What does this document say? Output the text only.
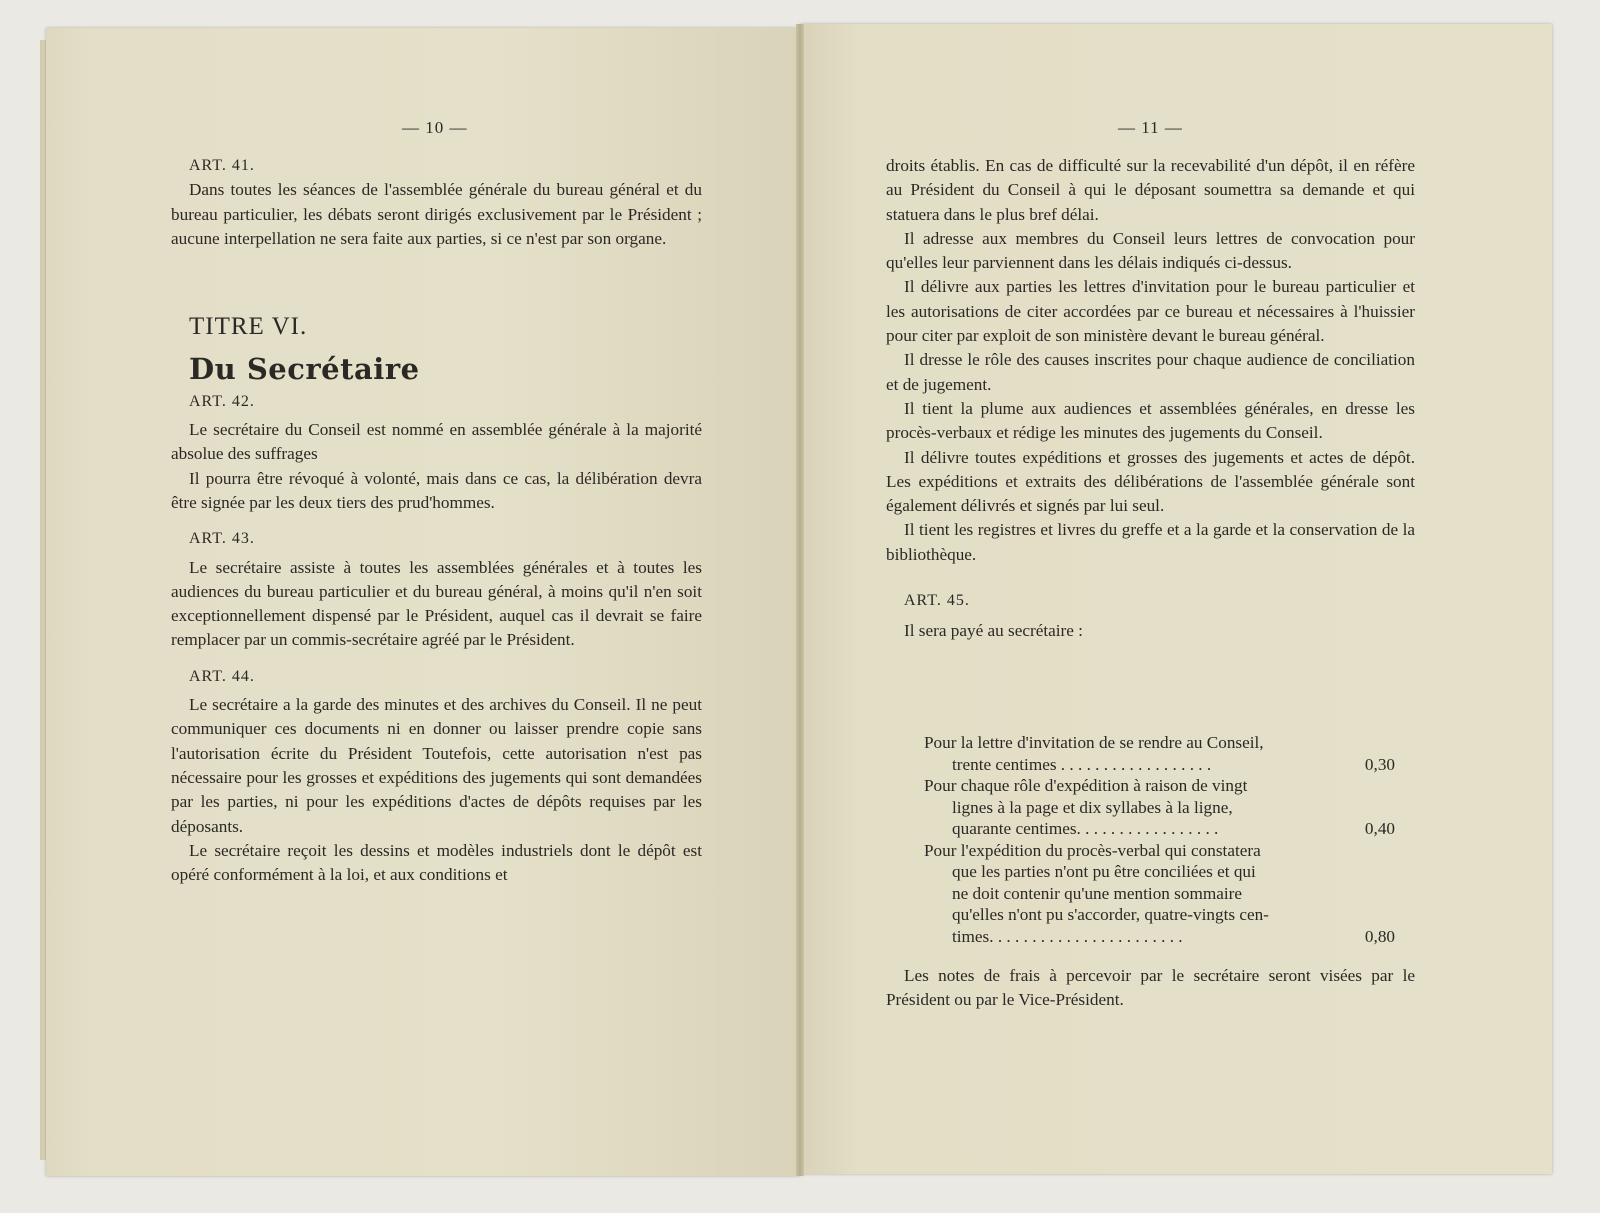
— 10 —

ART. 41.

Dans toutes les séances de l'assemblée générale du bureau général et du bureau particulier, les débats seront dirigés exclusivement par le Président ; aucune interpellation ne sera faite aux parties, si ce n'est par son organe.

TITRE VI.

Du Secrétaire

ART. 42.

Le secrétaire du Conseil est nommé en assemblée générale à la majorité absolue des suffrages

Il pourra être révoqué à volonté, mais dans ce cas, la délibération devra être signée par les deux tiers des prud'hommes.

ART. 43.

Le secrétaire assiste à toutes les assemblées générales et à toutes les audiences du bureau particulier et du bureau général, à moins qu'il n'en soit exceptionnellement dispensé par le Président, auquel cas il devrait se faire remplacer par un commis-secrétaire agréé par le Président.

ART. 44.

Le secrétaire a la garde des minutes et des archives du Conseil. Il ne peut communiquer ces documents ni en donner ou laisser prendre copie sans l'autorisation écrite du Président Toutefois, cette autorisation n'est pas nécessaire pour les grosses et expéditions des jugements qui sont demandées par les parties, ni pour les expéditions d'actes de dépôts requises par les déposants.

Le secrétaire reçoit les dessins et modèles industriels dont le dépôt est opéré conformément à la loi, et aux conditions et

— 11 —

droits établis. En cas de difficulté sur la recevabilité d'un dépôt, il en réfère au Président du Conseil à qui le déposant soumettra sa demande et qui statuera dans le plus bref délai.

Il adresse aux membres du Conseil leurs lettres de convocation pour qu'elles leur parviennent dans les délais indiqués ci-dessus.

Il délivre aux parties les lettres d'invitation pour le bureau particulier et les autorisations de citer accordées par ce bureau et nécessaires à l'huissier pour citer par exploit de son ministère devant le bureau général.

Il dresse le rôle des causes inscrites pour chaque audience de conciliation et de jugement.

Il tient la plume aux audiences et assemblées générales, en dresse les procès-verbaux et rédige les minutes des jugements du Conseil.

Il délivre toutes expéditions et grosses des jugements et actes de dépôt. Les expéditions et extraits des délibérations de l'assemblée générale sont également délivrés et signés par lui seul.

Il tient les registres et livres du greffe et a la garde et la conservation de la bibliothèque.

ART. 45.

Il sera payé au secrétaire :

Pour la lettre d'invitation de se rendre au Conseil,
trente centimes . . . . . . . . . . . . . . . . . .	0,30
Pour chaque rôle d'expédition à raison de vingt
lignes à la page et dix syllabes à la ligne,
quarante centimes. . . . . . . . . . . . . . . . .	0,40
Pour l'expédition du procès-verbal qui constatera
que les parties n'ont pu être conciliées et qui
ne doit contenir qu'une mention sommaire
qu'elles n'ont pu s'accorder, quatre-vingts cen-
times. . . . . . . . . . . . . . . . . . . . . . .	0,80

Les notes de frais à percevoir par le secrétaire seront visées par le Président ou par le Vice-Président.
